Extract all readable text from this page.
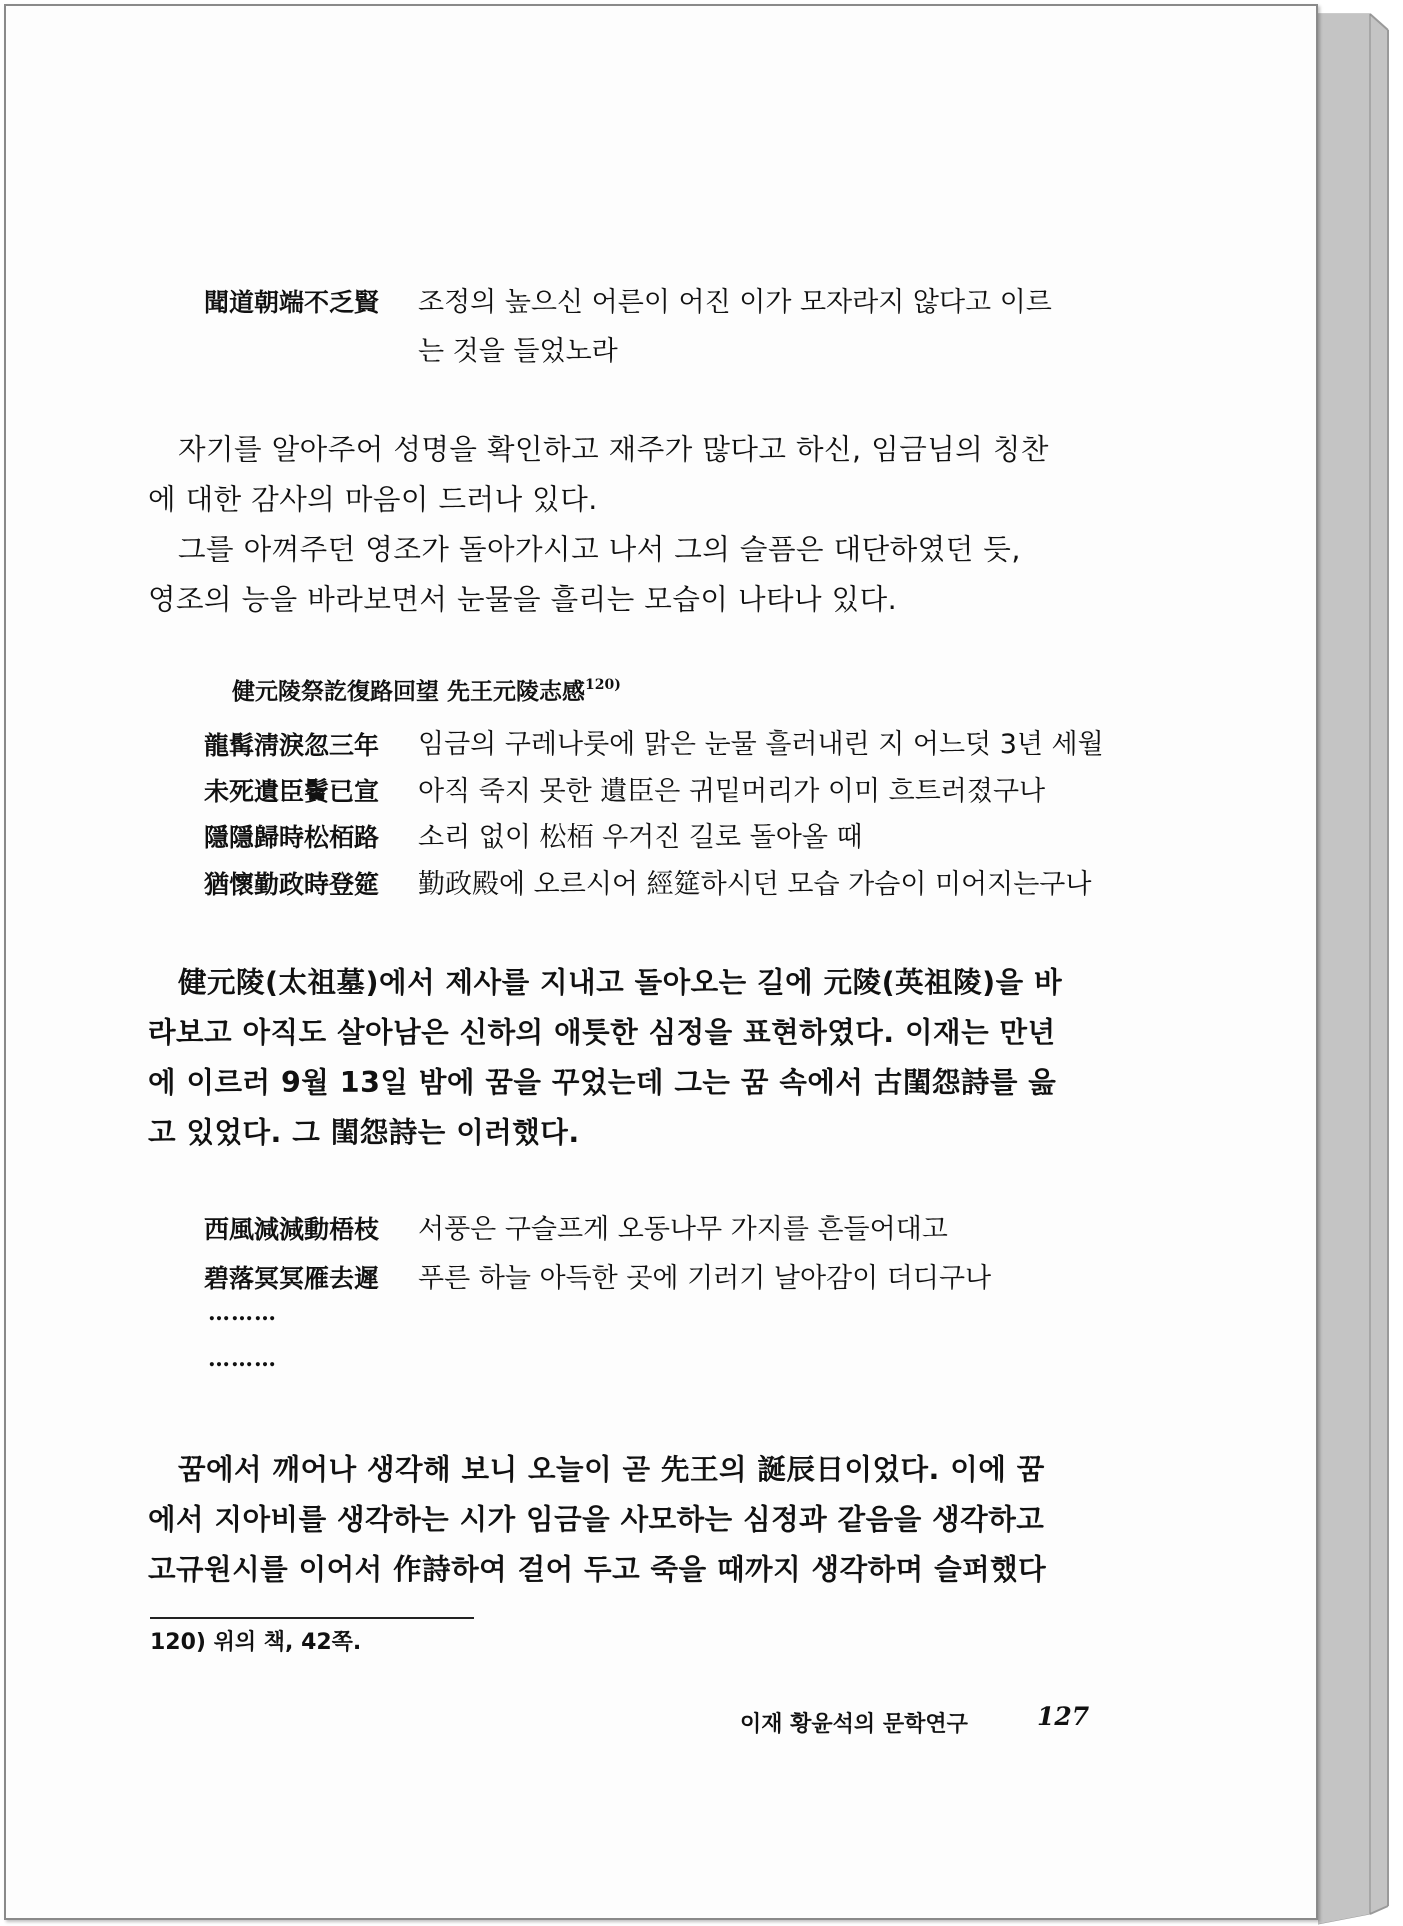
聞道朝端不乏賢 조정의 높으신 어른이 어진 이가 모자라지 않다고 이르
는 것을 들었노라
자기를 알아주어 성명을 확인하고 재주가 많다고 하신, 임금님의 칭찬
에 대한 감사의 마음이 드러나 있다.
그를 아껴주던 영조가 돌아가시고 나서 그의 슬픔은 대단하였던 듯,
영조의 능을 바라보면서 눈물을 흘리는 모습이 나타나 있다.
健元陵祭訖復路回望 先王元陵志感$^{120)}$
龍髯淸淚忽三年 임금의 구레나룻에 맑은 눈물 흘러내린 지 어느덧 3년 세월
未死遺臣鬢已宣 아직 죽지 못한 遺臣은 귀밑머리가 이미 흐트러졌구나
隱隱歸時松栢路 소리 없이 松栢 우거진 길로 돌아올 때
猶懷勤政時登筵 勤政殿에 오르시어 經筵하시던 모습 가슴이 미어지는구나
健元陵(太祖墓)에서 제사를 지내고 돌아오는 길에 元陵(英祖陵)을 바
라보고 아직도 살아남은 신하의 애틋한 심정을 표현하였다. 이재는 만년
에 이르러 9월 13일 밤에 꿈을 꾸었는데 그는 꿈 속에서 古閨怨詩를 읊
고 있었다. 그 閨怨詩는 이러했다.
西風減減動梧枝 서풍은 구슬프게 오동나무 가지를 흔들어대고
碧落冥冥雁去遲 푸른 하늘 아득한 곳에 기러기 날아감이 더디구나
………
………
꿈에서 깨어나 생각해 보니 오늘이 곧 先王의 誕辰日이었다. 이에 꿈
에서 지아비를 생각하는 시가 임금을 사모하는 심정과 같음을 생각하고
고규원시를 이어서 作詩하여 걸어 두고 죽을 때까지 생각하며 슬퍼했다
120) 위의 책, 42쪽.
이재 황윤석의 문학연구	127
